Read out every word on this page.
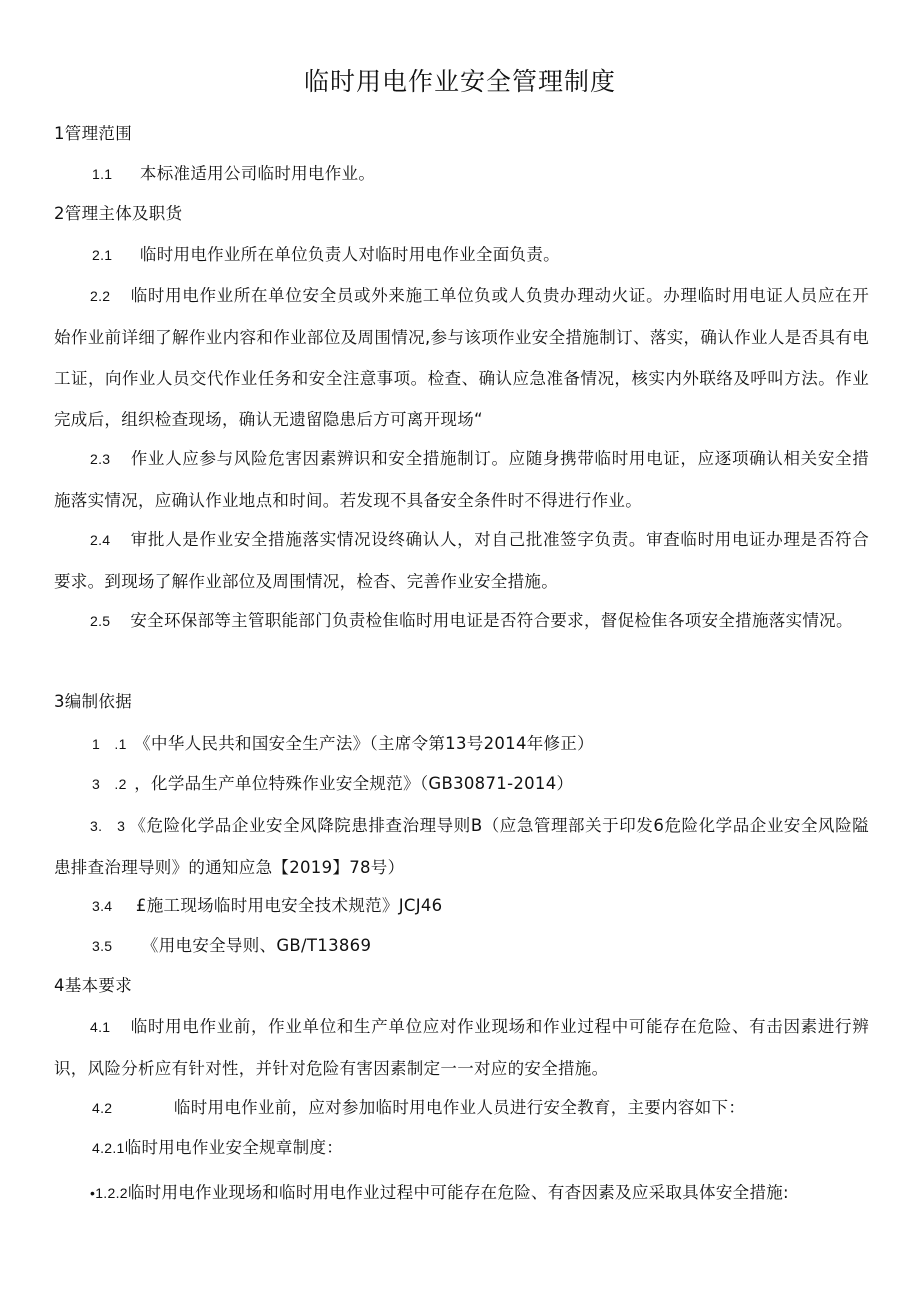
临时用电作业安全管理制度
1管理范围
1.1 本标准适用公司临时用电作业。
2管理主体及职货
2.1 临时用电作业所在单位负责人对临时用电作业全面负责。
2.2 临时用电作业所在单位安全员或外来施工单位负或人负贵办理动火证。办理临时用电证人员应在开始作业前详细了解作业内容和作业部位及周围情况,参与该项作业安全措施制订、落实，确认作业人是否具有电工证，向作业人员交代作业任务和安全注意事项。检查、确认应急准备情况，核实内外联络及呼叫方法。作业完成后，组织检查现场，确认无遗留隐患后方可离开现场“
2.3 作业人应参与风险危害因素辨识和安全措施制订。应随身携带临时用电证，应逐项确认相关安全措施落实情况，应确认作业地点和时间。若发现不具备安全条件时不得进行作业。
2.4 审批人是作业安全措施落实情况设终确认人，对自己批准签字负责。审査临时用电证办理是否符合要求。到现场了解作业部位及周围情况，检杳、完善作业安全措施。
2.5 安全环保部等主管职能部门负责检隹临时用电证是否符合要求，督促检隹各项安全措施落实情况。
3编制依据
1　.1 《中华人民共和国安全生产法》（主席令第13号2014年修正）
3　.2 ，化学品生产单位特殊作业安全规范》（GB30871-2014）
3.　3 《危险化学品企业安全风降院患排查治理导则B（应急管理部关于印发6危险化学品企业安全风险隘患排查治理导则》的通知应急【2019】78号）
3.4 £施工现场临时用电安全技术规范》JCJ46
3.5 《用电安全导则、GB/T13869
4基本要求
4.1 临时用电作业前，作业单位和生产单位应对作业现场和作业过程中可能存在危险、有击因素进行辨识，风险分析应有针对性，并针对危险有害因素制定一一对应的安全措施。
4.2	临时用电作业前，应对参加临时用电作业人员进行安全教育，主要内容如下：
4.2.1临时用电作业安全规章制度：
•1.2.2临时用电作业现场和临时用电作业过程中可能存在危险、有杳因素及应采取具体安全措施:
